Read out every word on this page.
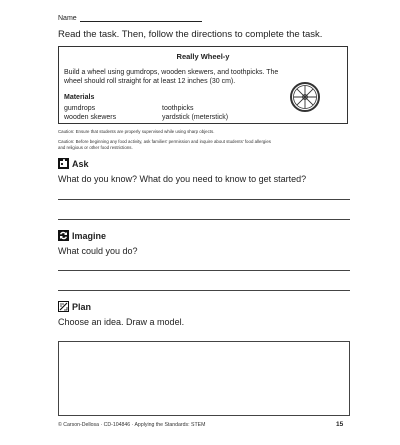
Name
Read the task. Then, follow the directions to complete the task.
Really Wheel-y
Build a wheel using gumdrops, wooden skewers, and toothpicks. The
wheel should roll straight for at least 12 inches (30 cm).
Materials
gumdrops
wooden skewers
toothpicks
yardstick (meterstick)
Caution: Ensure that students are properly supervised while using sharp objects.
Caution: Before beginning any food activity, ask families' permission and inquire about students' food allergies
and religious or other food restrictions.
Ask
What do you know? What do you need to know to get started?
Imagine
What could you do?
Plan
Choose an idea. Draw a model.
© Carson-Dellosa · CD-104846 · Applying the Standards: STEM	15
